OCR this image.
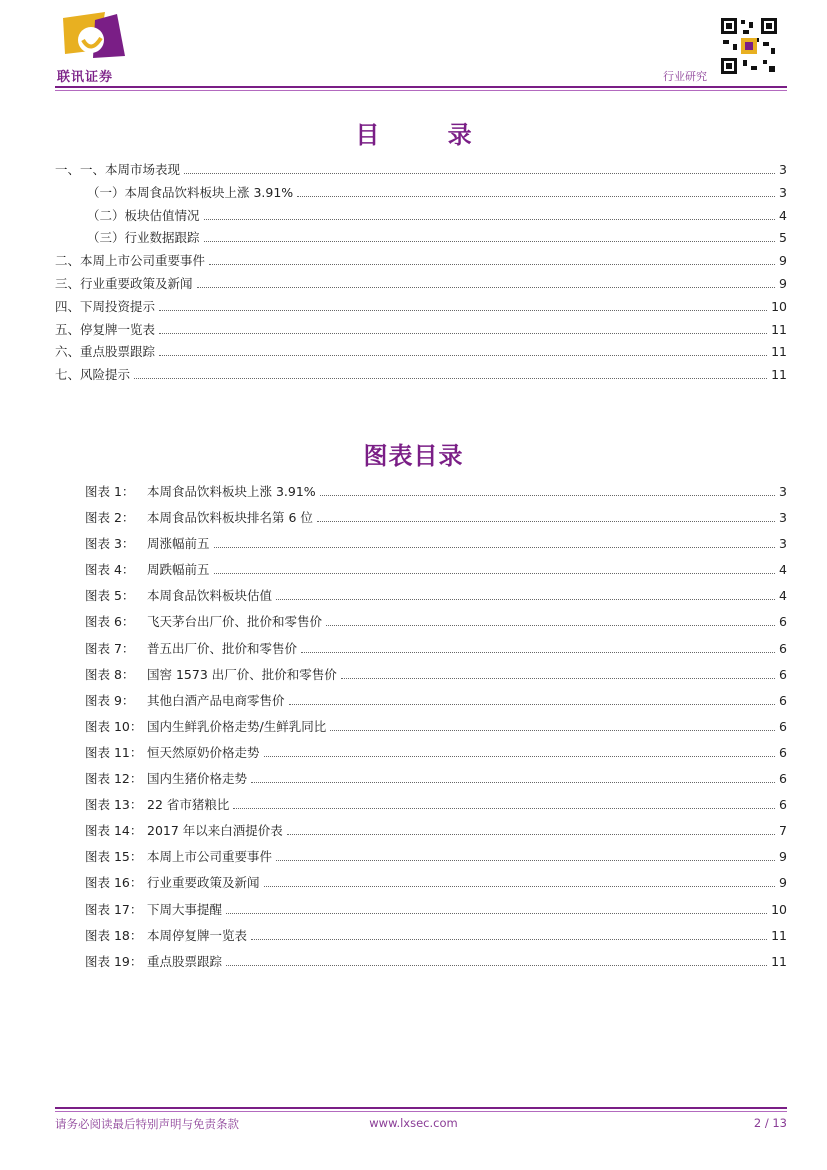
联讯证券	行业研究
目 录
一、一、本周市场表现	3
（一）本周食品饮料板块上涨 3.91%	3
（二）板块估值情况	4
（三）行业数据跟踪	5
二、本周上市公司重要事件	9
三、行业重要政策及新闻	9
四、下周投资提示	10
五、停复牌一览表	11
六、重点股票跟踪	11
七、风险提示	11
图表目录
图表 1： 本周食品饮料板块上涨 3.91%	3
图表 2： 本周食品饮料板块排名第 6 位	3
图表 3： 周涨幅前五	3
图表 4： 周跌幅前五	4
图表 5： 本周食品饮料板块估值	4
图表 6： 飞天茅台出厂价、批价和零售价	6
图表 7： 普五出厂价、批价和零售价	6
图表 8： 国窖 1573 出厂价、批价和零售价	6
图表 9： 其他白酒产品电商零售价	6
图表 10： 国内生鲜乳价格走势/生鲜乳同比	6
图表 11： 恒天然原奶价格走势	6
图表 12： 国内生猪价格走势	6
图表 13： 22 省市猪粮比	6
图表 14： 2017 年以来白酒提价表	7
图表 15： 本周上市公司重要事件	9
图表 16： 行业重要政策及新闻	9
图表 17： 下周大事提醒	10
图表 18： 本周停复牌一览表	11
图表 19： 重点股票跟踪	11
请务必阅读最后特别声明与免责条款	www.lxsec.com	2 / 13
